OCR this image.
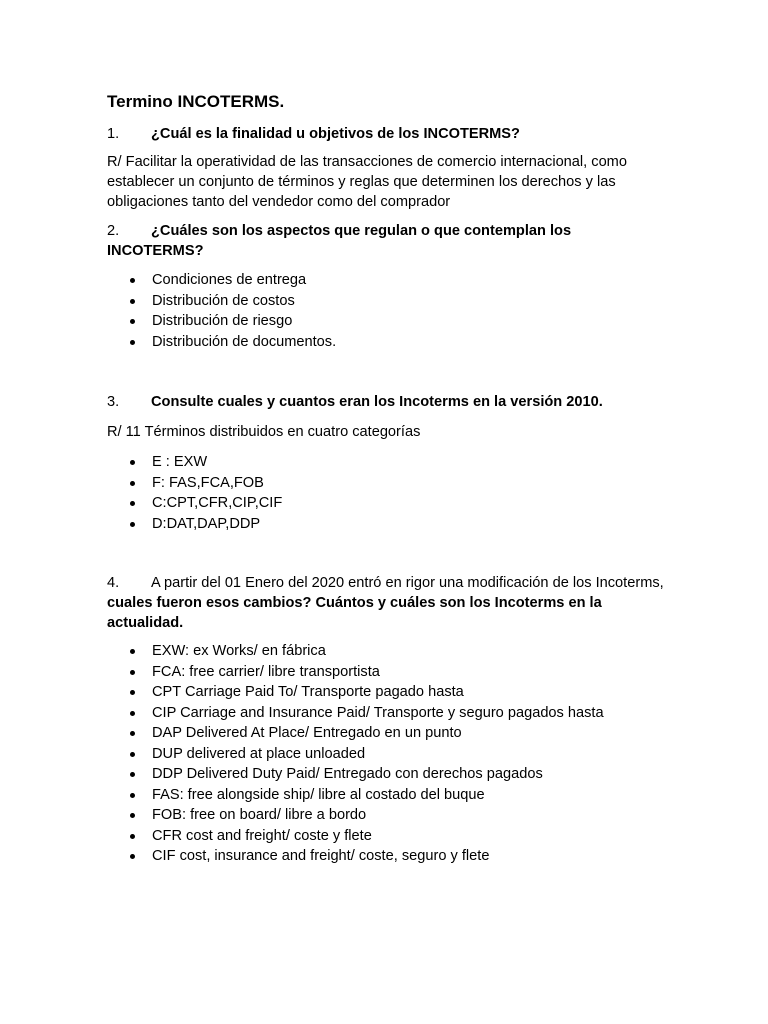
Termino INCOTERMS.
1. ¿Cuál es la finalidad u objetivos de los INCOTERMS?
R/ Facilitar la operatividad de las transacciones de comercio internacional, como establecer un conjunto de términos y reglas que determinen los derechos y las obligaciones tanto del vendedor como del comprador
2. ¿Cuáles son los aspectos que regulan o que contemplan los INCOTERMS?
Condiciones de entrega
Distribución de costos
Distribución de riesgo
Distribución de documentos.
3. Consulte cuales y cuantos eran los Incoterms en la versión 2010.
R/ 11 Términos distribuidos en cuatro categorías
E : EXW
F: FAS,FCA,FOB
C:CPT,CFR,CIP,CIF
D:DAT,DAP,DDP
4. A partir del 01 Enero del 2020 entró en rigor una modificación de los Incoterms, cuales fueron esos cambios? Cuántos y cuáles son los Incoterms en la actualidad.
EXW: ex Works/ en fábrica
FCA: free carrier/ libre transportista
CPT Carriage Paid To/ Transporte pagado hasta
CIP Carriage and Insurance Paid/ Transporte y seguro pagados hasta
DAP Delivered At Place/ Entregado en un punto
DUP delivered at place unloaded
DDP Delivered Duty Paid/ Entregado con derechos pagados
FAS: free alongside ship/ libre al costado del buque
FOB: free on board/ libre a bordo
CFR cost and freight/ coste y flete
CIF cost, insurance and freight/ coste, seguro y flete
